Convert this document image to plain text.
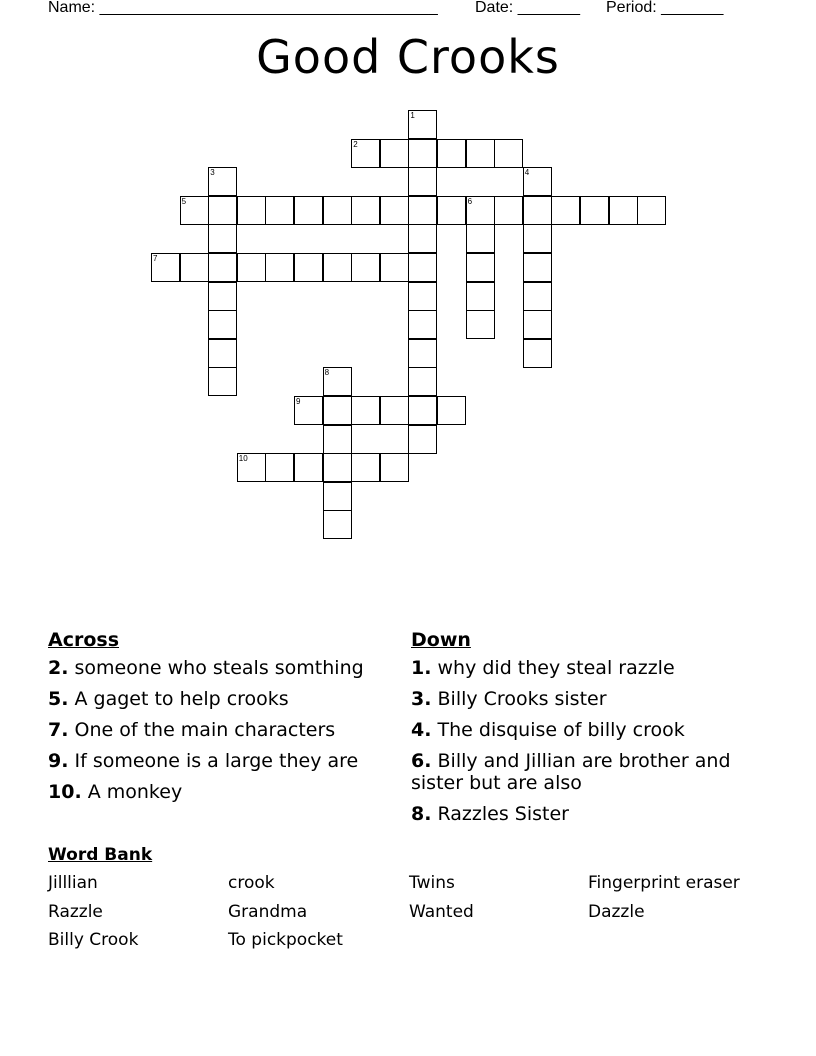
Name: ______________________________________ Date: _______ Period: _______
Good Crooks
1
2
3	4
5	6
7
8
9
10
Across
2. someone who steals somthing
5. A gaget to help crooks
7. One of the main characters
9. If someone is a large they are
10. A monkey
Down
1. why did they steal razzle
3. Billy Crooks sister
4. The disquise of billy crook
6. Billy and Jillian are brother and sister but are also
8. Razzles Sister
Word Bank
Jilllian	crook	Twins	Fingerprint eraser
Razzle	Grandma	Wanted	Dazzle
Billy Crook	To pickpocket
